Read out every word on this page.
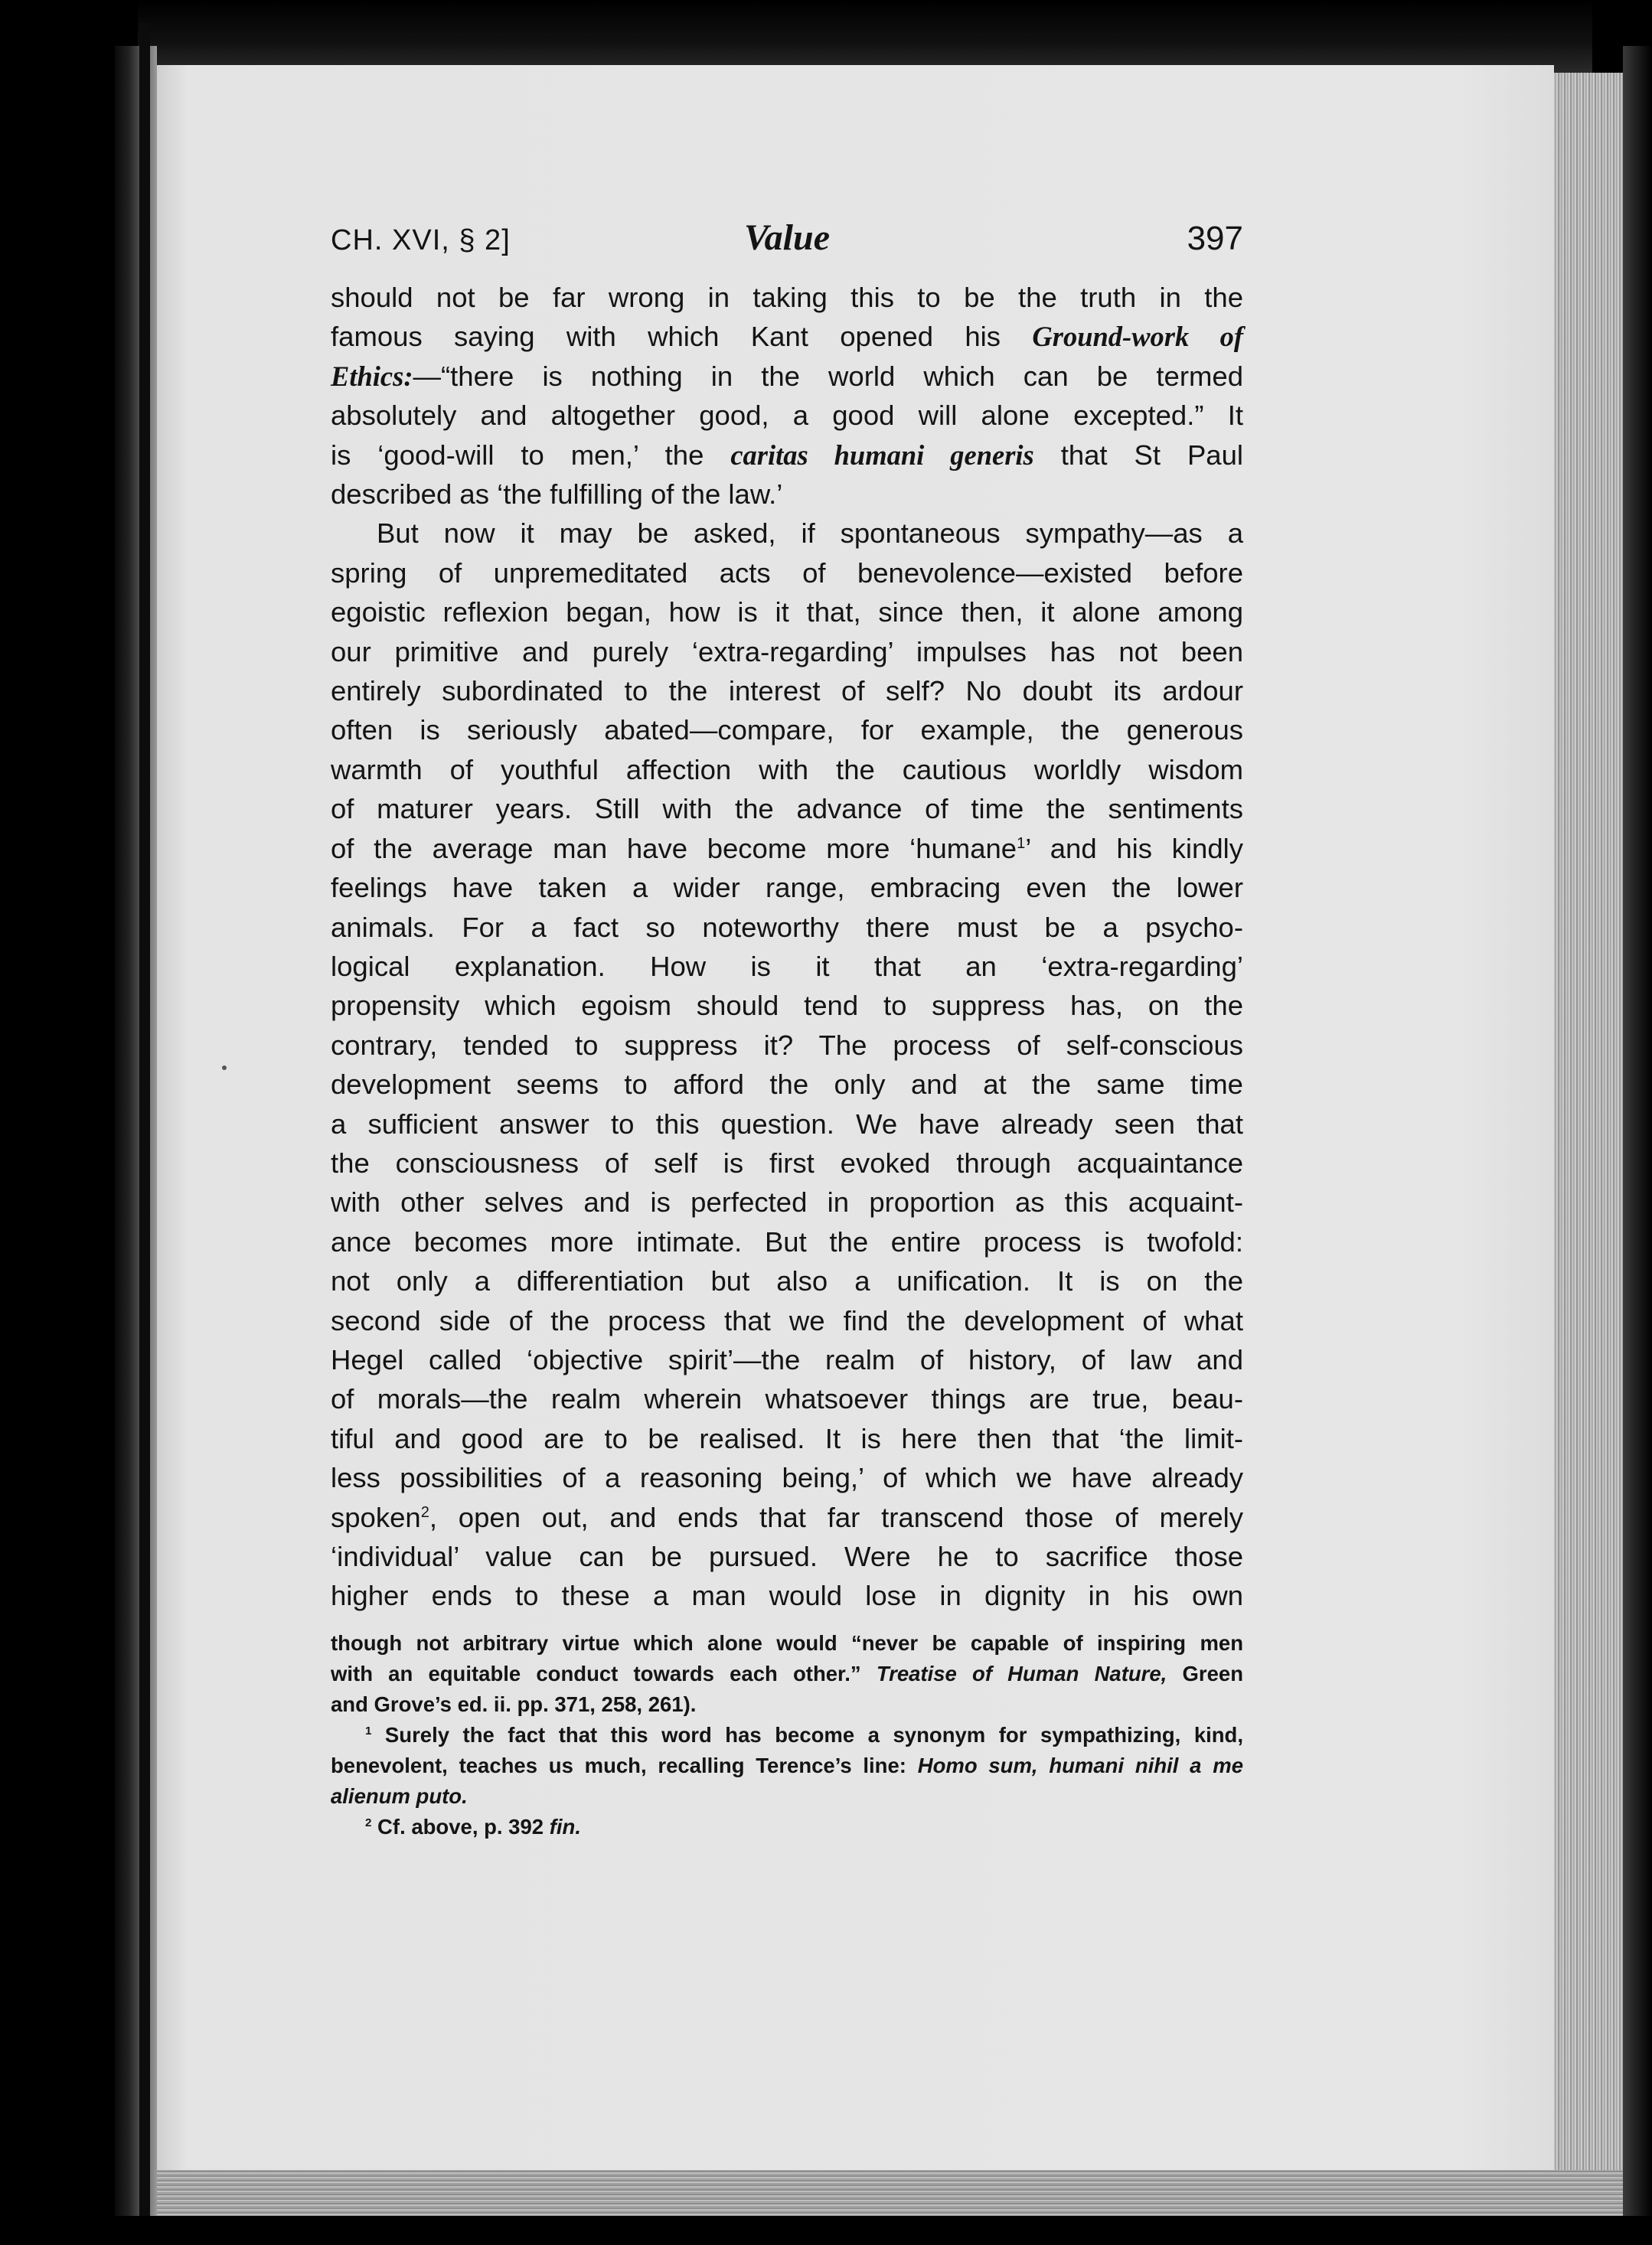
CH. XVI, § 2]	Value	397
should not be far wrong in taking this to be the truth in the
famous saying with which Kant opened his Ground-work of
Ethics:—“there is nothing in the world which can be termed
absolutely and altogether good, a good will alone excepted.” It
is ‘good-will to men,’ the caritas humani generis that St Paul
described as ‘the fulfilling of the law.’
But now it may be asked, if spontaneous sympathy—as a
spring of unpremeditated acts of benevolence—existed before
egoistic reflexion began, how is it that, since then, it alone among
our primitive and purely ‘extra-regarding’ impulses has not been
entirely subordinated to the interest of self? No doubt its ardour
often is seriously abated—compare, for example, the generous
warmth of youthful affection with the cautious worldly wisdom
of maturer years. Still with the advance of time the sentiments
of the average man have become more ‘humane$^1$’ and his kindly
feelings have taken a wider range, embracing even the lower
animals. For a fact so noteworthy there must be a psycho-
logical explanation. How is it that an ‘extra-regarding’
propensity which egoism should tend to suppress has, on the
contrary, tended to suppress it? The process of self-conscious
development seems to afford the only and at the same time
a sufficient answer to this question. We have already seen that
the consciousness of self is first evoked through acquaintance
with other selves and is perfected in proportion as this acquaint-
ance becomes more intimate. But the entire process is twofold:
not only a differentiation but also a unification. It is on the
second side of the process that we find the development of what
Hegel called ‘objective spirit’—the realm of history, of law and
of morals—the realm wherein whatsoever things are true, beau-
tiful and good are to be realised. It is here then that ‘the limit-
less possibilities of a reasoning being,’ of which we have already
spoken$^2$, open out, and ends that far transcend those of merely
‘individual’ value can be pursued. Were he to sacrifice those
higher ends to these a man would lose in dignity in his own
though not arbitrary virtue which alone would “never be capable of inspiring men
with an equitable conduct towards each other.” Treatise of Human Nature, Green
and Grove’s ed. ii. pp. 371, 258, 261).
$^1$ Surely the fact that this word has become a synonym for sympathizing, kind,
benevolent, teaches us much, recalling Terence’s line: Homo sum, humani nihil a me
alienum puto.
$^2$ Cf. above, p. 392 fin.
